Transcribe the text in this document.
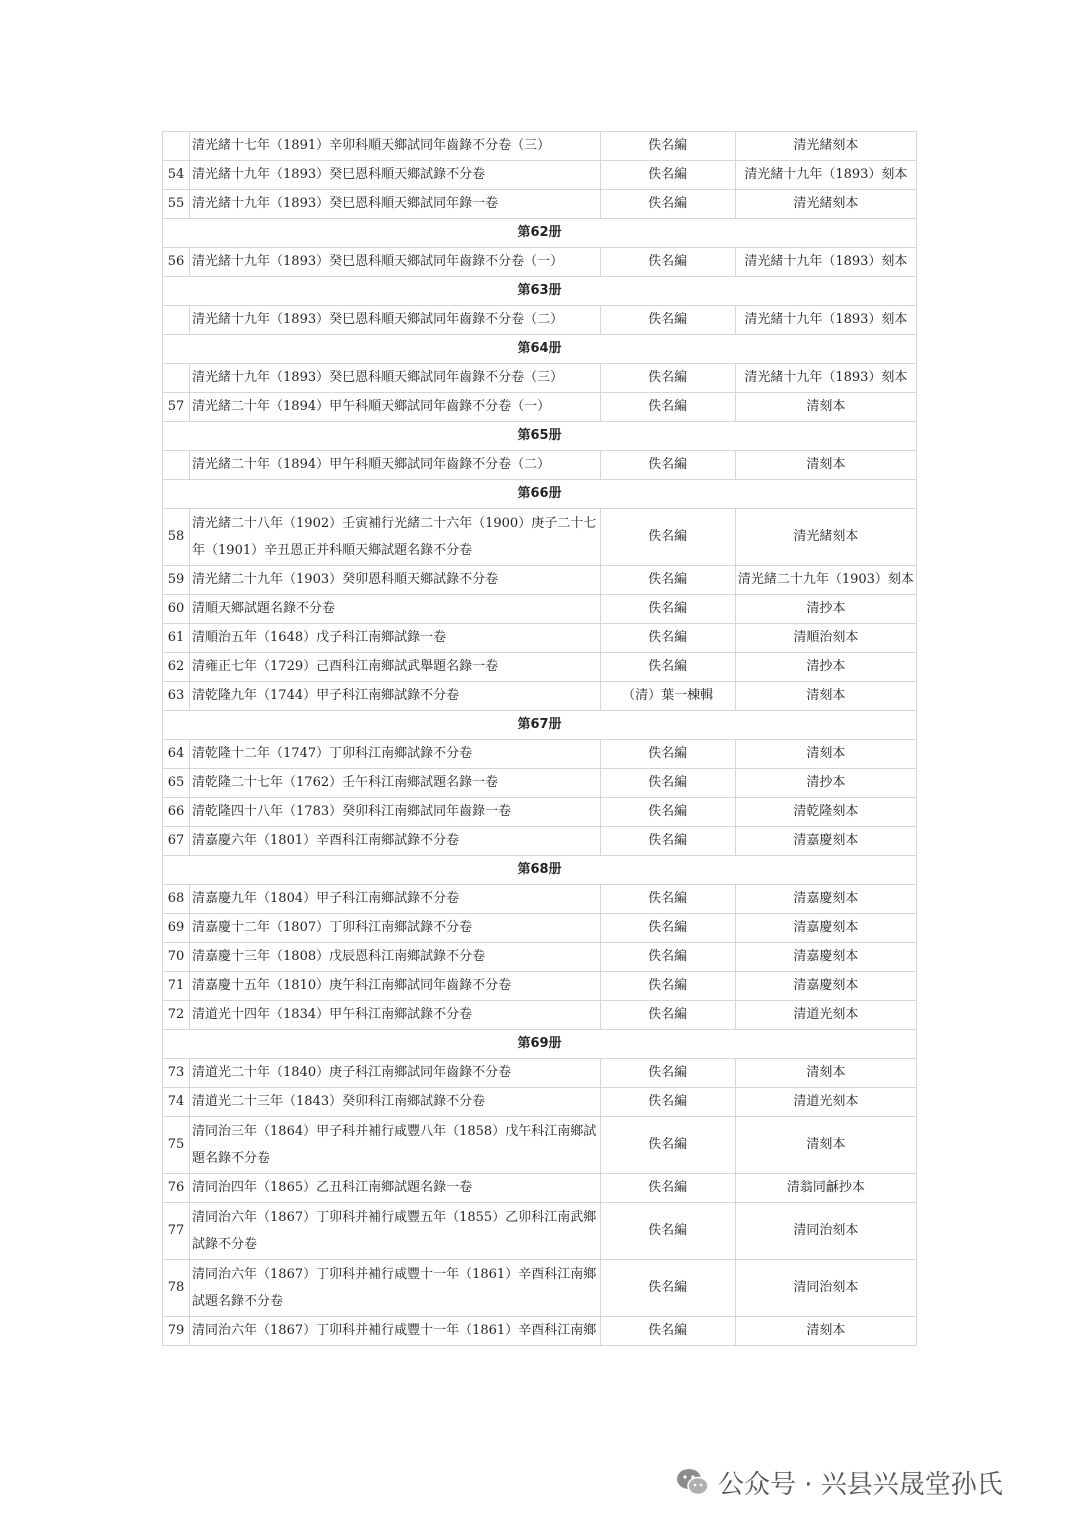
	清光緒十七年（1891）辛卯科順天鄉試同年齒錄不分卷（三）	佚名編	清光緒刻本
54	清光緒十九年（1893）癸巳恩科順天鄉試錄不分卷	佚名編	清光緒十九年（1893）刻本
55	清光緒十九年（1893）癸巳恩科順天鄉試同年錄一卷	佚名編	清光緒刻本
第62册			
56	清光緒十九年（1893）癸巳恩科順天鄉試同年齒錄不分卷（一）	佚名編	清光緒十九年（1893）刻本
第63册			
	清光緒十九年（1893）癸巳恩科順天鄉試同年齒錄不分卷（二）	佚名編	清光緒十九年（1893）刻本
第64册			
	清光緒十九年（1893）癸巳恩科順天鄉試同年齒錄不分卷（三）	佚名編	清光緒十九年（1893）刻本
57	清光緒二十年（1894）甲午科順天鄉試同年齒錄不分卷（一）	佚名編	清刻本
第65册			
	清光緒二十年（1894）甲午科順天鄉試同年齒錄不分卷（二）	佚名編	清刻本
第66册			
58	清光緒二十八年（1902）壬寅補行光緒二十六年（1900）庚子二十七年（1901）辛丑恩正并科順天鄉試題名錄不分卷	佚名編	清光緒刻本
59	清光緒二十九年（1903）癸卯恩科順天鄉試錄不分卷	佚名編	清光緒二十九年（1903）刻本
60	清順天鄉試題名錄不分卷	佚名編	清抄本
61	清順治五年（1648）戊子科江南鄉試錄一卷	佚名編	清順治刻本
62	清雍正七年（1729）己酉科江南鄉試武舉題名錄一卷	佚名編	清抄本
63	清乾隆九年（1744）甲子科江南鄉試錄不分卷	（清）葉一棟輯	清刻本
第67册			
64	清乾隆十二年（1747）丁卯科江南鄉試錄不分卷	佚名編	清刻本
65	清乾隆二十七年（1762）壬午科江南鄉試題名錄一卷	佚名編	清抄本
66	清乾隆四十八年（1783）癸卯科江南鄉試同年齒錄一卷	佚名編	清乾隆刻本
67	清嘉慶六年（1801）辛酉科江南鄉試錄不分卷	佚名編	清嘉慶刻本
第68册			
68	清嘉慶九年（1804）甲子科江南鄉試錄不分卷	佚名編	清嘉慶刻本
69	清嘉慶十二年（1807）丁卯科江南鄉試錄不分卷	佚名編	清嘉慶刻本
70	清嘉慶十三年（1808）戊辰恩科江南鄉試錄不分卷	佚名編	清嘉慶刻本
71	清嘉慶十五年（1810）庚午科江南鄉試同年齒錄不分卷	佚名編	清嘉慶刻本
72	清道光十四年（1834）甲午科江南鄉試錄不分卷	佚名編	清道光刻本
第69册			
73	清道光二十年（1840）庚子科江南鄉試同年齒錄不分卷	佚名編	清刻本
74	清道光二十三年（1843）癸卯科江南鄉試錄不分卷	佚名編	清道光刻本
75	清同治三年（1864）甲子科并補行咸豐八年（1858）戊午科江南鄉試題名錄不分卷	佚名編	清刻本
76	清同治四年（1865）乙丑科江南鄉試題名錄一卷	佚名編	清翁同龢抄本
77	清同治六年（1867）丁卯科并補行咸豐五年（1855）乙卯科江南武鄉試錄不分卷	佚名編	清同治刻本
78	清同治六年（1867）丁卯科并補行咸豐十一年（1861）辛酉科江南鄉試題名錄不分卷	佚名編	清同治刻本
79	清同治六年（1867）丁卯科并補行咸豐十一年（1861）辛酉科江南鄉	佚名編	清刻本
公众号 · 兴县兴晟堂孙氏
